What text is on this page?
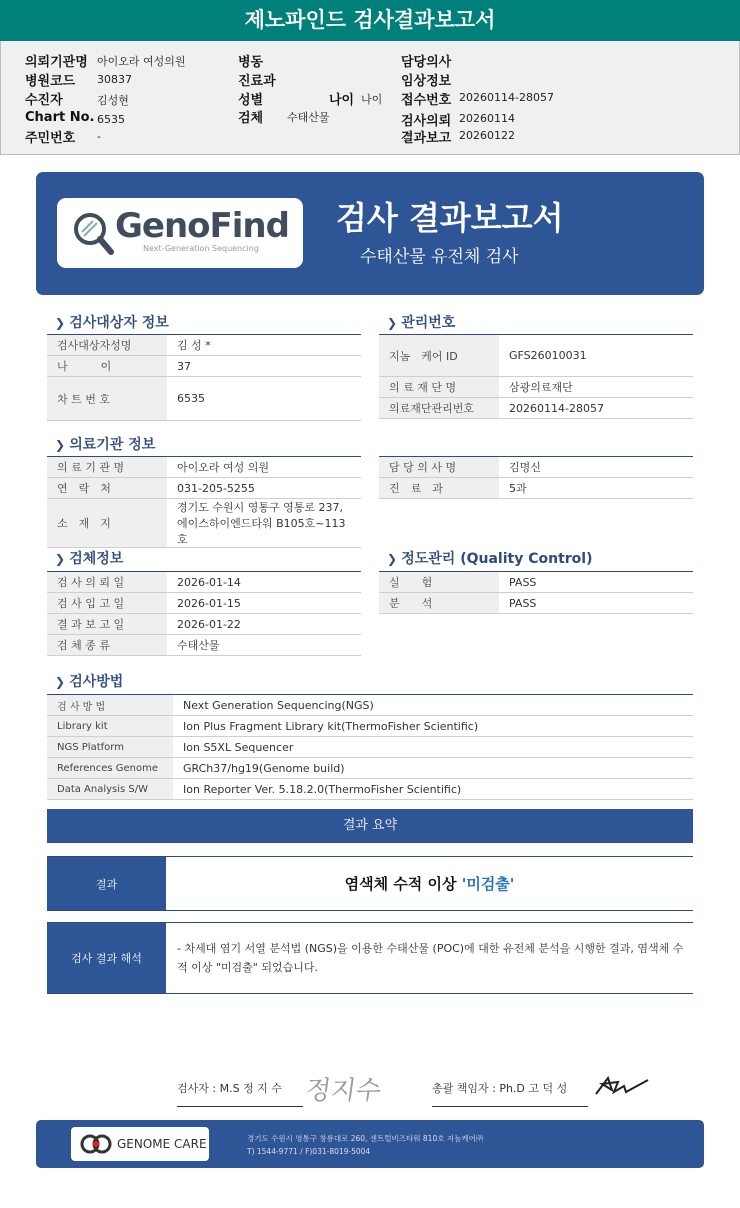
제노파인드 검사결과보고서
의뢰기관명 아이오라 여성의원
병원코드 30837
수진자	김성현
Chart No. 6535
주민번호 -
병동
진료과
성별	나이 나이
검체 수태산물
담당의사
임상정보
접수번호 20260114-28057
검사의뢰 20260114
결과보고 20260122
GenoFind
Next-Generation Sequencing
검사 결과보고서
수태산물 유전체 검사
❯ 검사대상자 정보
검사대상자성명	김 성 *
나　　　이	37
차 트 번 호	6535
❯ 관리번호
지놈　케어 ID	GFS26010031
의 료 재 단 명	삼광의료재단
의료재단관리번호	20260114-28057
❯ 의료기관 정보
의 료 기 관 명	아이오라 여성 의원
연　락　처	031-205-5255
소　재　지	경기도 수원시 영통구 영통로 237, 에이스하이엔드타워 B105호~113호
담 당 의 사 명	김명신
진　료　과	5과
❯ 검체정보
검 사 의 뢰 일	2026-01-14
검 사 입 고 일	2026-01-15
결 과 보 고 일	2026-01-22
검 체 종 류	수태산물
❯ 정도관리 (Quality Control)
실　　험	PASS
분　　석	PASS
❯ 검사방법
검 사 방 법	Next Generation Sequencing(NGS)
Library kit	Ion Plus Fragment Library kit(ThermoFisher Scientific)
NGS Platform	Ion S5XL Sequencer
References Genome	GRCh37/hg19(Genome build)
Data Analysis S/W	Ion Reporter Ver. 5.18.2.0(ThermoFisher Scientific)
결과 요약
결과	염색체 수적 이상
'미검출'
검사 결과 해석
- 차세대 염기 서열 분석법 (NGS)을 이용한 수태산물 (POC)에 대한 유전체 분석을 시행한 결과, 염색체 수적 이상 "미검출" 되었습니다.
검사자 : M.S 정 지 수 정지수	총괄 책임자 : Ph.D 고 덕 성
GENOME CARE	경기도 수원시 영통구 창룡대로 260, 센트럴비즈타워 810호 지놈케어㈜
T) 1544-9771 / F)031-8019-5004
